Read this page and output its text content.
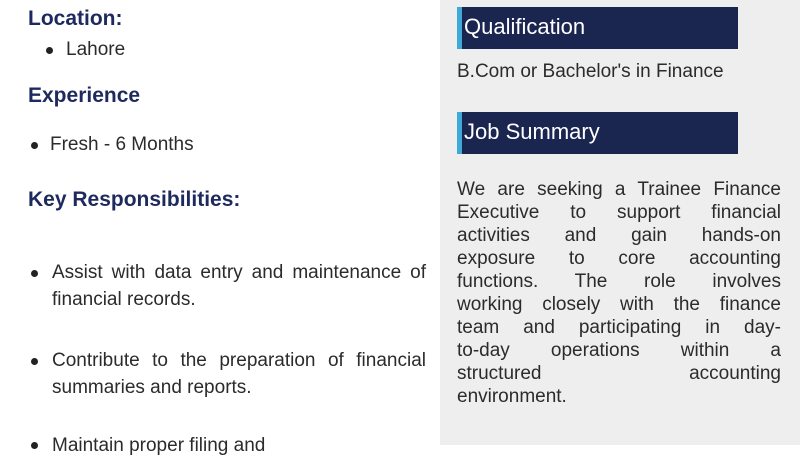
Location:
Lahore
Experience
Fresh - 6 Months
Key Responsibilities:
Assist with data entry and maintenance of financial records.
Contribute to the preparation of financial summaries and reports.
Maintain proper filing and
Qualification
B.Com or Bachelor's in Finance
Job Summary
We are seeking a Trainee Finance
Executive to support financial
activities and gain hands-on
exposure to core accounting
functions. The role involves
working closely with the finance
team and participating in day-
to-day operations within a
structured accounting
environment.
